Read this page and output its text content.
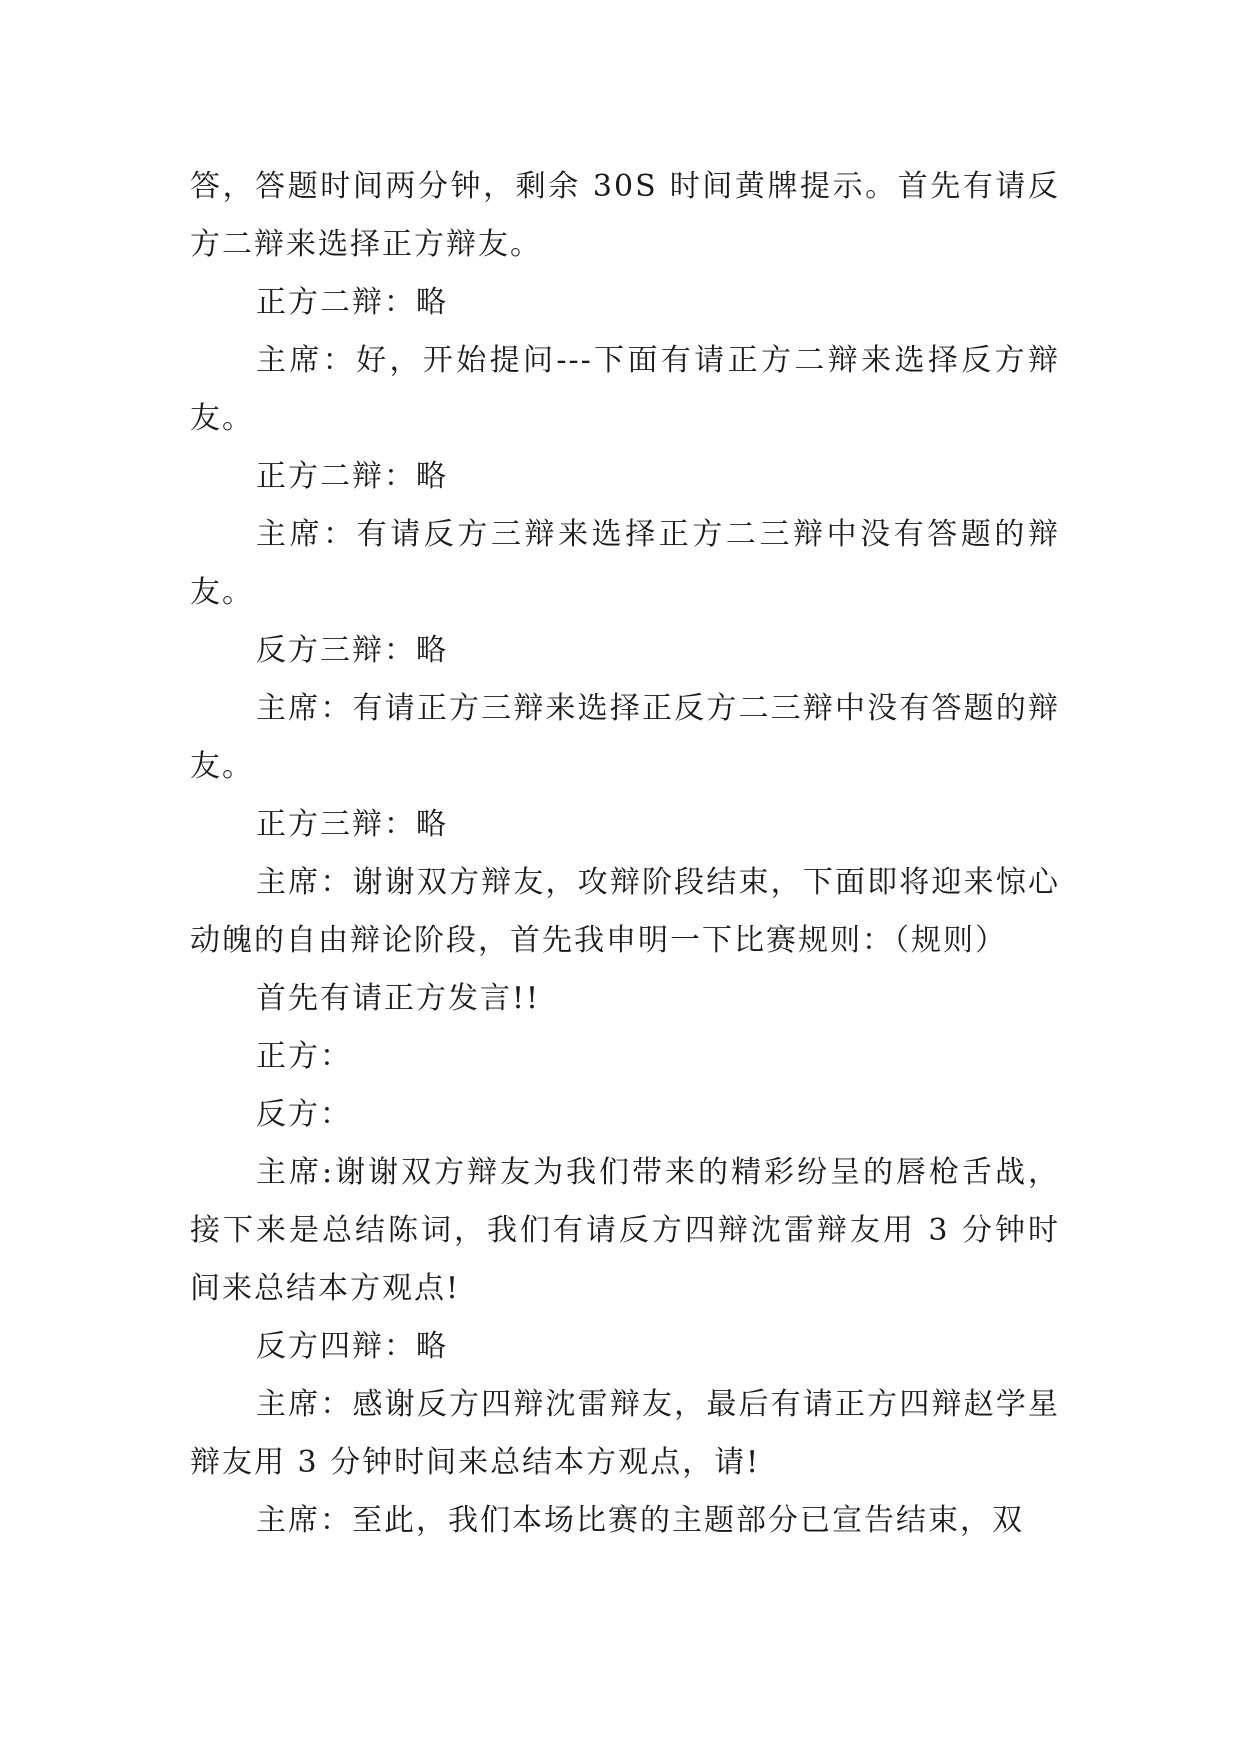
答，答题时间两分钟，剩余 30S 时间黄牌提示。首先有请反方二辩来选择正方辩友。

正方二辩：略

主席：好，开始提问---下面有请正方二辩来选择反方辩友。

正方二辩：略

主席：有请反方三辩来选择正方二三辩中没有答题的辩友。

反方三辩：略

主席：有请正方三辩来选择正反方二三辩中没有答题的辩友。

正方三辩：略

主席：谢谢双方辩友，攻辩阶段结束，下面即将迎来惊心动魄的自由辩论阶段，首先我申明一下比赛规则：（规则）

首先有请正方发言!!

正方：

反方：

主席:谢谢双方辩友为我们带来的精彩纷呈的唇枪舌战，接下来是总结陈词，我们有请反方四辩沈雷辩友用 3 分钟时间来总结本方观点!

反方四辩：略

主席：感谢反方四辩沈雷辩友，最后有请正方四辩赵学星辩友用 3 分钟时间来总结本方观点，请!

主席：至此，我们本场比赛的主题部分已宣告结束，双
